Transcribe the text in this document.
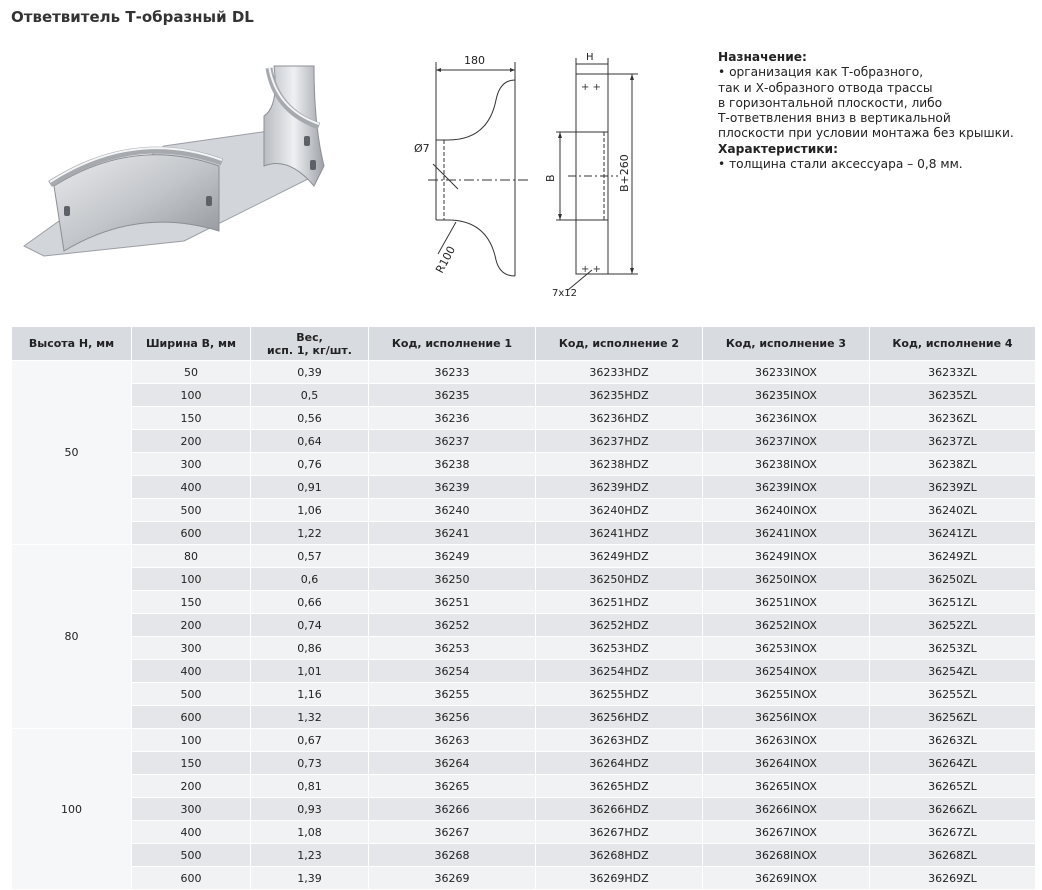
Ответвитель Т-образный DL
180
Ø7
R100
+ +
+ +
H
B	B+260
7x12
Назначение:
• организация как Т-образного,
так и Х-образного отвода трассы
в горизонтальной плоскости, либо
Т-ответвления вниз в вертикальной
плоскости при условии монтажа без крышки.
Характеристики:
• толщина стали аксессуара – 0,8 мм.
Высота H, мм	Ширина B, мм	Вес,
исп. 1, кг/шт.	Код, исполнение 1	Код, исполнение 2	Код, исполнение 3	Код, исполнение 4
50	50	0,39	36233	36233HDZ	36233INOX	36233ZL
	100	0,5	36235	36235HDZ	36235INOX	36235ZL
	150	0,56	36236	36236HDZ	36236INOX	36236ZL
	200	0,64	36237	36237HDZ	36237INOX	36237ZL
	300	0,76	36238	36238HDZ	36238INOX	36238ZL
	400	0,91	36239	36239HDZ	36239INOX	36239ZL
	500	1,06	36240	36240HDZ	36240INOX	36240ZL
	600	1,22	36241	36241HDZ	36241INOX	36241ZL
80	80	0,57	36249	36249HDZ	36249INOX	36249ZL
	100	0,6	36250	36250HDZ	36250INOX	36250ZL
	150	0,66	36251	36251HDZ	36251INOX	36251ZL
	200	0,74	36252	36252HDZ	36252INOX	36252ZL
	300	0,86	36253	36253HDZ	36253INOX	36253ZL
	400	1,01	36254	36254HDZ	36254INOX	36254ZL
	500	1,16	36255	36255HDZ	36255INOX	36255ZL
	600	1,32	36256	36256HDZ	36256INOX	36256ZL
100	100	0,67	36263	36263HDZ	36263INOX	36263ZL
	150	0,73	36264	36264HDZ	36264INOX	36264ZL
	200	0,81	36265	36265HDZ	36265INOX	36265ZL
	300	0,93	36266	36266HDZ	36266INOX	36266ZL
	400	1,08	36267	36267HDZ	36267INOX	36267ZL
	500	1,23	36268	36268HDZ	36268INOX	36268ZL
	600	1,39	36269	36269HDZ	36269INOX	36269ZL
